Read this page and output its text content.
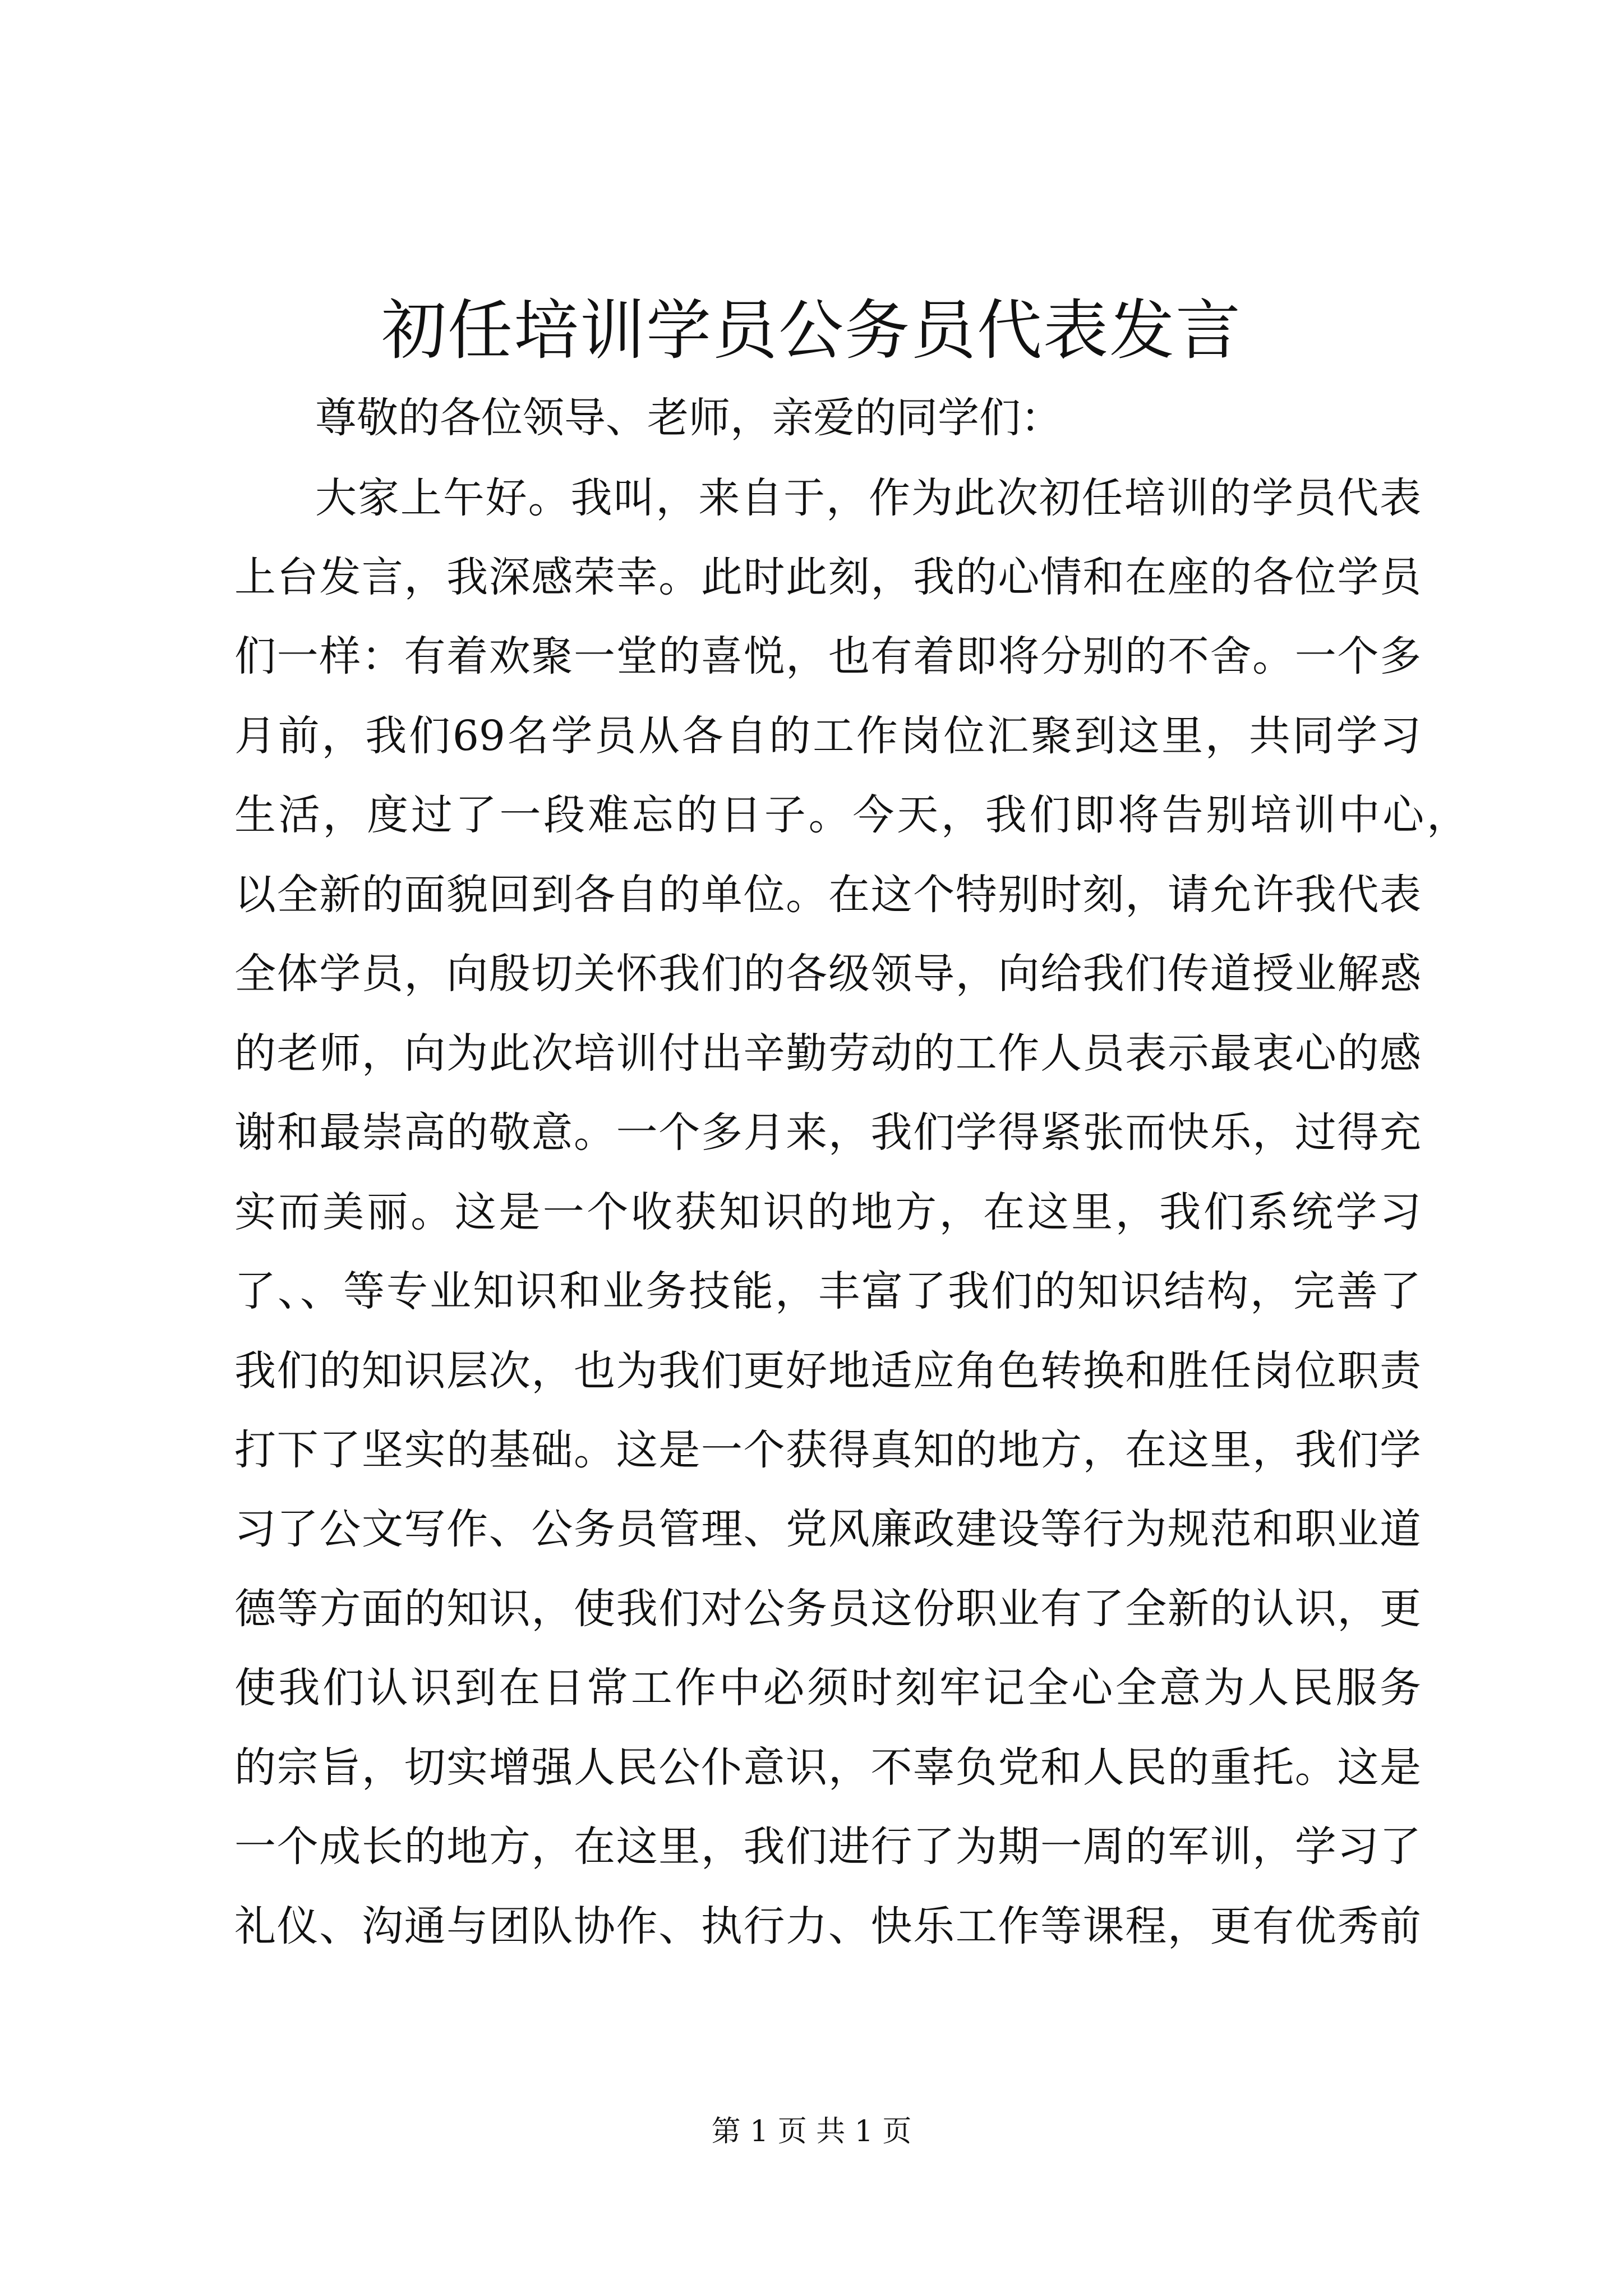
初任培训学员公务员代表发言

尊敬的各位领导、老师，亲爱的同学们：

大家上午好。我叫，来自于，作为此次初任培训的学员代表

上台发言，我深感荣幸。此时此刻，我的心情和在座的各位学员

们一样：有着欢聚一堂的喜悦，也有着即将分别的不舍。一个多

月前，我们69名学员从各自的工作岗位汇聚到这里，共同学习

生活，度过了一段难忘的日子。今天，我们即将告别培训中心，

以全新的面貌回到各自的单位。在这个特别时刻，请允许我代表

全体学员，向殷切关怀我们的各级领导，向给我们传道授业解惑

的老师，向为此次培训付出辛勤劳动的工作人员表示最衷心的感

谢和最崇高的敬意。一个多月来，我们学得紧张而快乐，过得充

实而美丽。这是一个收获知识的地方，在这里，我们系统学习

了、、等专业知识和业务技能，丰富了我们的知识结构，完善了

我们的知识层次，也为我们更好地适应角色转换和胜任岗位职责

打下了坚实的基础。这是一个获得真知的地方，在这里，我们学

习了公文写作、公务员管理、党风廉政建设等行为规范和职业道

德等方面的知识，使我们对公务员这份职业有了全新的认识，更

使我们认识到在日常工作中必须时刻牢记全心全意为人民服务

的宗旨，切实增强人民公仆意识，不辜负党和人民的重托。这是

一个成长的地方，在这里，我们进行了为期一周的军训，学习了

礼仪、沟通与团队协作、执行力、快乐工作等课程，更有优秀前

第 1 页 共 1 页
